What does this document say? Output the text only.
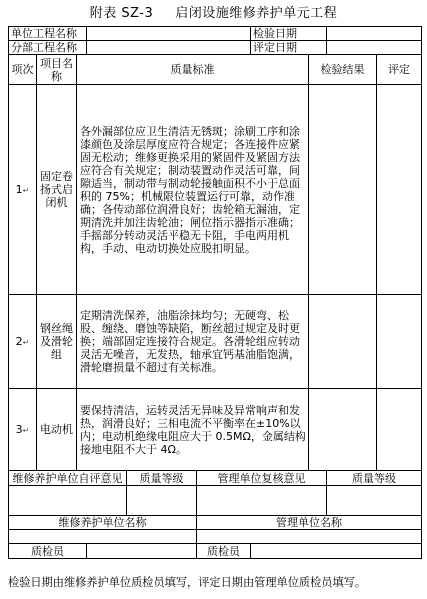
附表 SZ-3 启闭设施维修养护单元工程
单位工程名称						检验日期			
分部工程名称						评定日期			
项次	项目名称	质量标准					检验结果		评定
1↵	固定卷扬式启闭机	各外漏部位应卫生清洁无锈斑；涂刷工序和涂漆颜色及涂层厚度应符合规定；各连接件应紧固无松动；维修更换采用的紧固件及紧固方法应符合有关规定；制动装置动作灵活可靠，间隙适当，制动带与制动轮接触面积不小于总面积的 75%；机械限位装置运行可靠，动作准确；各传动部位润滑良好；齿轮箱无漏油，定期清洗并加注齿轮油；闸位指示器指示准确；手摇部分转动灵活平稳无卡阻，手电两用机构，手动、电动切换处应脱扣明显。							
2↵	钢丝绳及滑轮组	定期清洗保养，油脂涂抹均匀；无硬弯、松股、缠绕、磨蚀等缺陷，断丝超过规定及时更换；端部固定连接符合规定。各滑轮组应转动灵活无噪音，无发热，轴承宜钙基油脂饱满，滑轮磨损量不超过有关标准。							
3↵	电动机	要保持清洁，运转灵活无异味及异常响声和发热，润滑良好；三相电流不平衡率在±10%以内；电动机绝缘电阻应大于 0.5MΩ，金属结构接地电阻不大于 4Ω。							
维修养护单位自评意见				质量等级	管理单位复核意见			质量等级	

维修养护单位名称					管理单位名称				

质检员					质检员				
检验日期由维修养护单位质检员填写，评定日期由管理单位质检员填写。
